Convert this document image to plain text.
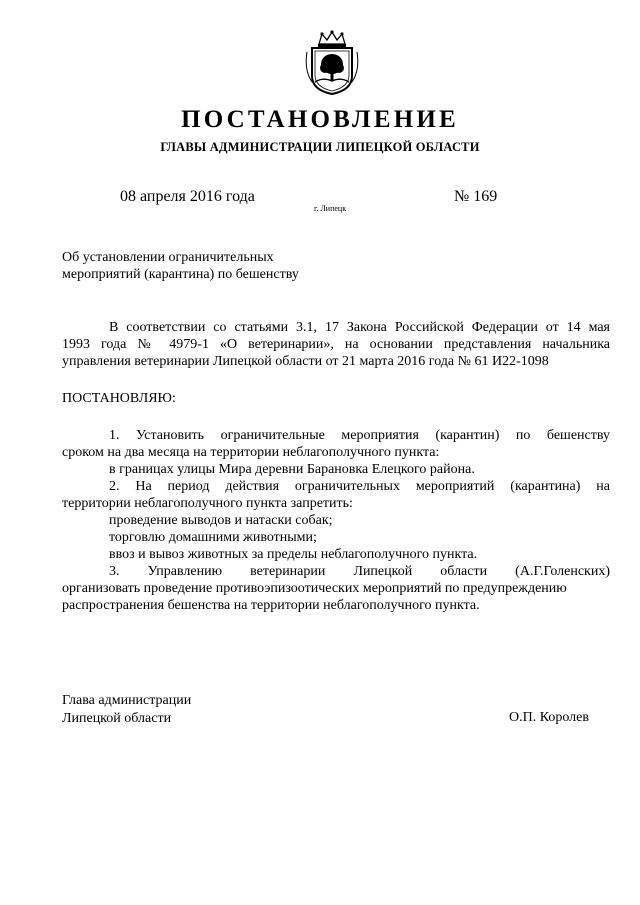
ПОСТАНОВЛЕНИЕ
ГЛАВЫ АДМИНИСТРАЦИИ ЛИПЕЦКОЙ ОБЛАСТИ
08 апреля 2016 года
г. Липецк
№ 169
Об установлении ограничительных
мероприятий (карантина) по бешенству
В соответствии со статьями 3.1, 17 Закона Российской Федерации от 14 мая
1993 года № 4979-1 «О ветеринарии», на основании представления начальника
управления ветеринарии Липецкой области от 21 марта 2016 года № 61 И22-1098
ПОСТАНОВЛЯЮ:
1. Установить ограничительные мероприятия (карантин) по бешенству
сроком на два месяца на территории неблагополучного пункта:
в границах улицы Мира деревни Барановка Елецкого района.
2. На период действия ограничительных мероприятий (карантина) на
территории неблагополучного пункта запретить:
проведение выводов и натаски собак;
торговлю домашними животными;
ввоз и вывоз животных за пределы неблагополучного пункта.
3. Управлению ветеринарии Липецкой области (А.Г.Голенских)
организовать проведение противоэпизоотических мероприятий по предупреждению
распространения бешенства на территории неблагополучного пункта.
Глава администрации
Липецкой области	О.П. Королев
